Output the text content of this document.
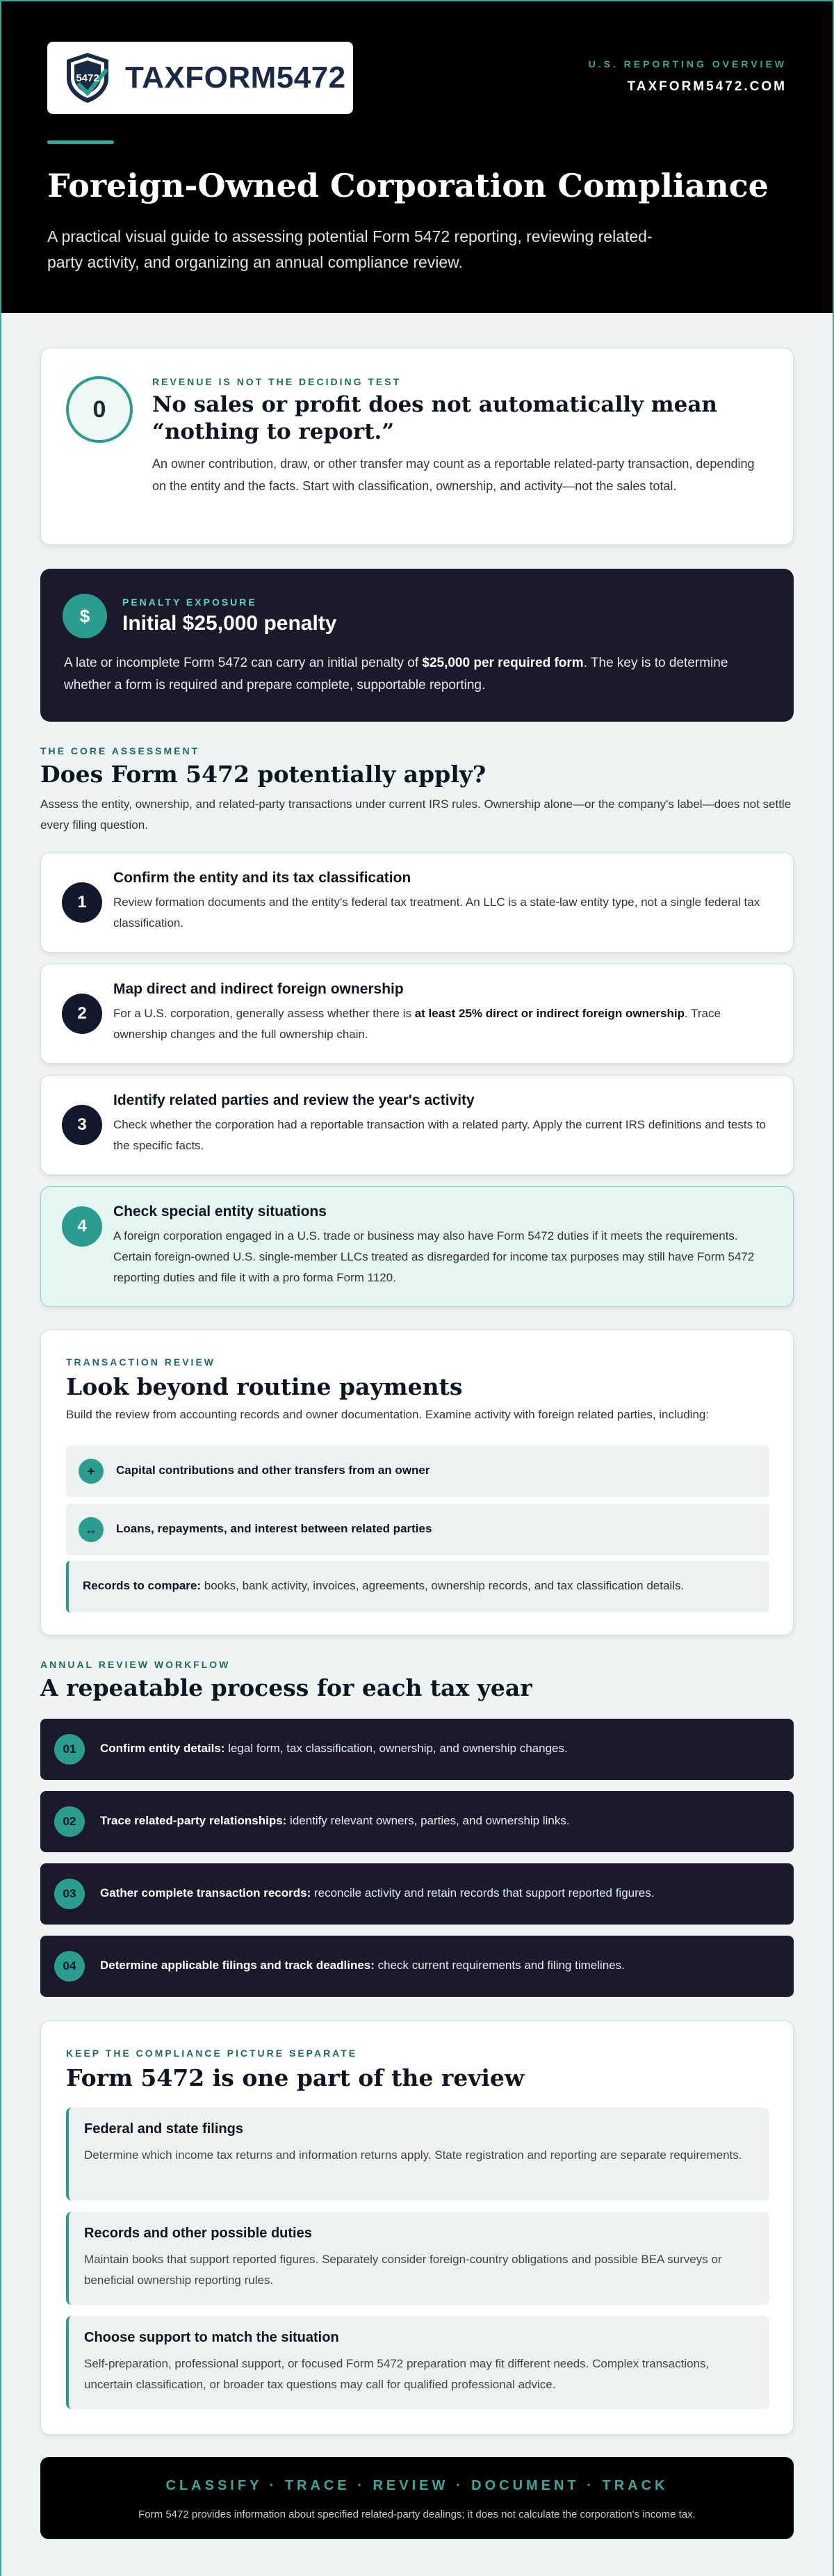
5472 TAXFORM5472	U.S. REPORTING OVERVIEW
TAXFORM5472.COM
Foreign-Owned Corporation Compliance

A practical visual guide to assessing potential Form 5472 reporting, reviewing related-party activity, and organizing an annual compliance review.

0
REVENUE IS NOT THE DECIDING TEST
No sales or profit does not automatically mean “nothing to report.”
An owner contribution, draw, or other transfer may count as a reportable related-party transaction, depending on the entity and the facts. Start with classification, ownership, and activity—not the sales total.
$
PENALTY EXPOSURE
Initial $25,000 penalty
A late or incomplete Form 5472 can carry an initial penalty of $25,000 per required form. The key is to determine whether a form is required and prepare complete, supportable reporting.
THE CORE ASSESSMENT
Does Form 5472 potentially apply?

Assess the entity, ownership, and related-party transactions under current IRS rules. Ownership alone—or the company's label—does not settle every filing question.

1
Confirm the entity and its tax classification
Review formation documents and the entity's federal tax treatment. An LLC is a state-law entity type, not a single federal tax classification.
2
Map direct and indirect foreign ownership
For a U.S. corporation, generally assess whether there is at least 25% direct or indirect foreign ownership. Trace ownership changes and the full ownership chain.
3
Identify related parties and review the year's activity
Check whether the corporation had a reportable transaction with a related party. Apply the current IRS definitions and tests to the specific facts.
4
Check special entity situations
A foreign corporation engaged in a U.S. trade or business may also have Form 5472 duties if it meets the requirements. Certain foreign-owned U.S. single-member LLCs treated as disregarded for income tax purposes may still have Form 5472 reporting duties and file it with a pro forma Form 1120.
TRANSACTION REVIEW
Look beyond routine payments

Build the review from accounting records and owner documentation. Examine activity with foreign related parties, including:

+	Capital contributions and other transfers from an owner
↔	Loans, repayments, and interest between related parties
Records to compare: books, bank activity, invoices, agreements, ownership records, and tax classification details.
ANNUAL REVIEW WORKFLOW
A repeatable process for each tax year
01	Confirm entity details: legal form, tax classification, ownership, and ownership changes.
02	Trace related-party relationships: identify relevant owners, parties, and ownership links.
03	Gather complete transaction records: reconcile activity and retain records that support reported figures.
04	Determine applicable filings and track deadlines: check current requirements and filing timelines.
KEEP THE COMPLIANCE PICTURE SEPARATE
Form 5472 is one part of the review
Federal and state filings
Determine which income tax returns and information returns apply. State registration and reporting are separate requirements.
Records and other possible duties
Maintain books that support reported figures. Separately consider foreign-country obligations and possible BEA surveys or beneficial ownership reporting rules.
Choose support to match the situation
Self-preparation, professional support, or focused Form 5472 preparation may fit different needs. Complex transactions, uncertain classification, or broader tax questions may call for qualified professional advice.
CLASSIFY · TRACE · REVIEW · DOCUMENT · TRACK
Form 5472 provides information about specified related-party dealings; it does not calculate the corporation's income tax.
